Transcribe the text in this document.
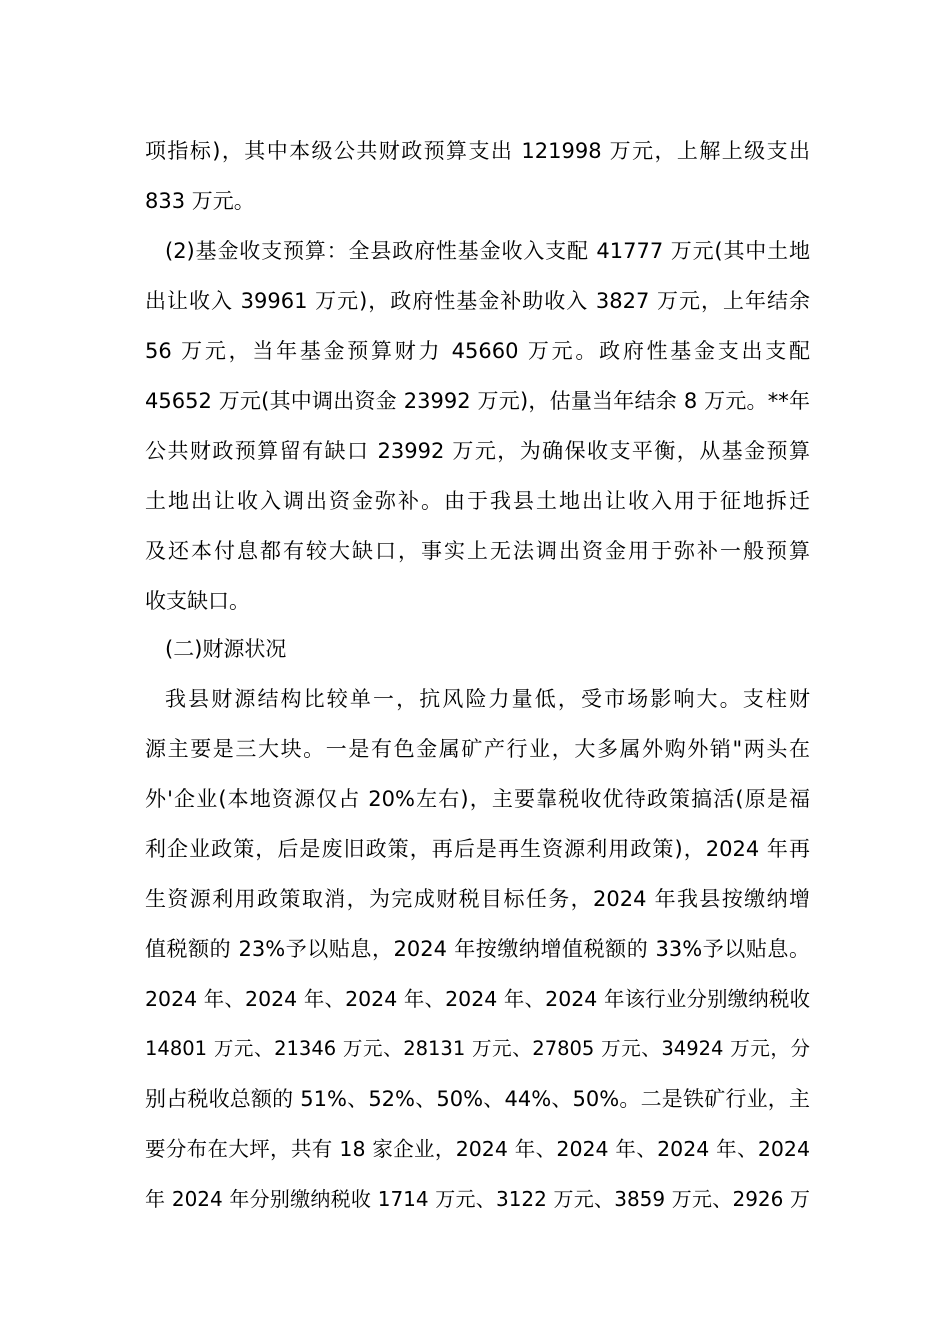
项指标)，其中本级公共财政预算支出 121998 万元，上解上级支出
833 万元。
(2)基金收支预算：全县政府性基金收入支配 41777 万元(其中土地
出让收入 39961 万元)，政府性基金补助收入 3827 万元，上年结余
56 万元，当年基金预算财力 45660 万元。政府性基金支出支配
45652 万元(其中调出资金 23992 万元)，估量当年结余 8 万元。**年
公共财政预算留有缺口 23992 万元，为确保收支平衡，从基金预算
土地出让收入调出资金弥补。由于我县土地出让收入用于征地拆迁
及还本付息都有较大缺口，事实上无法调出资金用于弥补一般预算
收支缺口。
(二)财源状况
我县财源结构比较单一，抗风险力量低，受市场影响大。支柱财
源主要是三大块。一是有色金属矿产行业，大多属外购外销"两头在
外'企业(本地资源仅占 20%左右)，主要靠税收优待政策搞活(原是福
利企业政策，后是废旧政策，再后是再生资源利用政策)，2024 年再
生资源利用政策取消，为完成财税目标任务，2024 年我县按缴纳增
值税额的 23%予以贴息，2024 年按缴纳增值税额的 33%予以贴息。
2024 年、2024 年、2024 年、2024 年、2024 年该行业分别缴纳税收
14801 万元、21346 万元、28131 万元、27805 万元、34924 万元，分
别占税收总额的 51%、52%、50%、44%、50%。二是铁矿行业，主
要分布在大坪，共有 18 家企业，2024 年、2024 年、2024 年、2024
年 2024 年分别缴纳税收 1714 万元、3122 万元、3859 万元、2926 万
